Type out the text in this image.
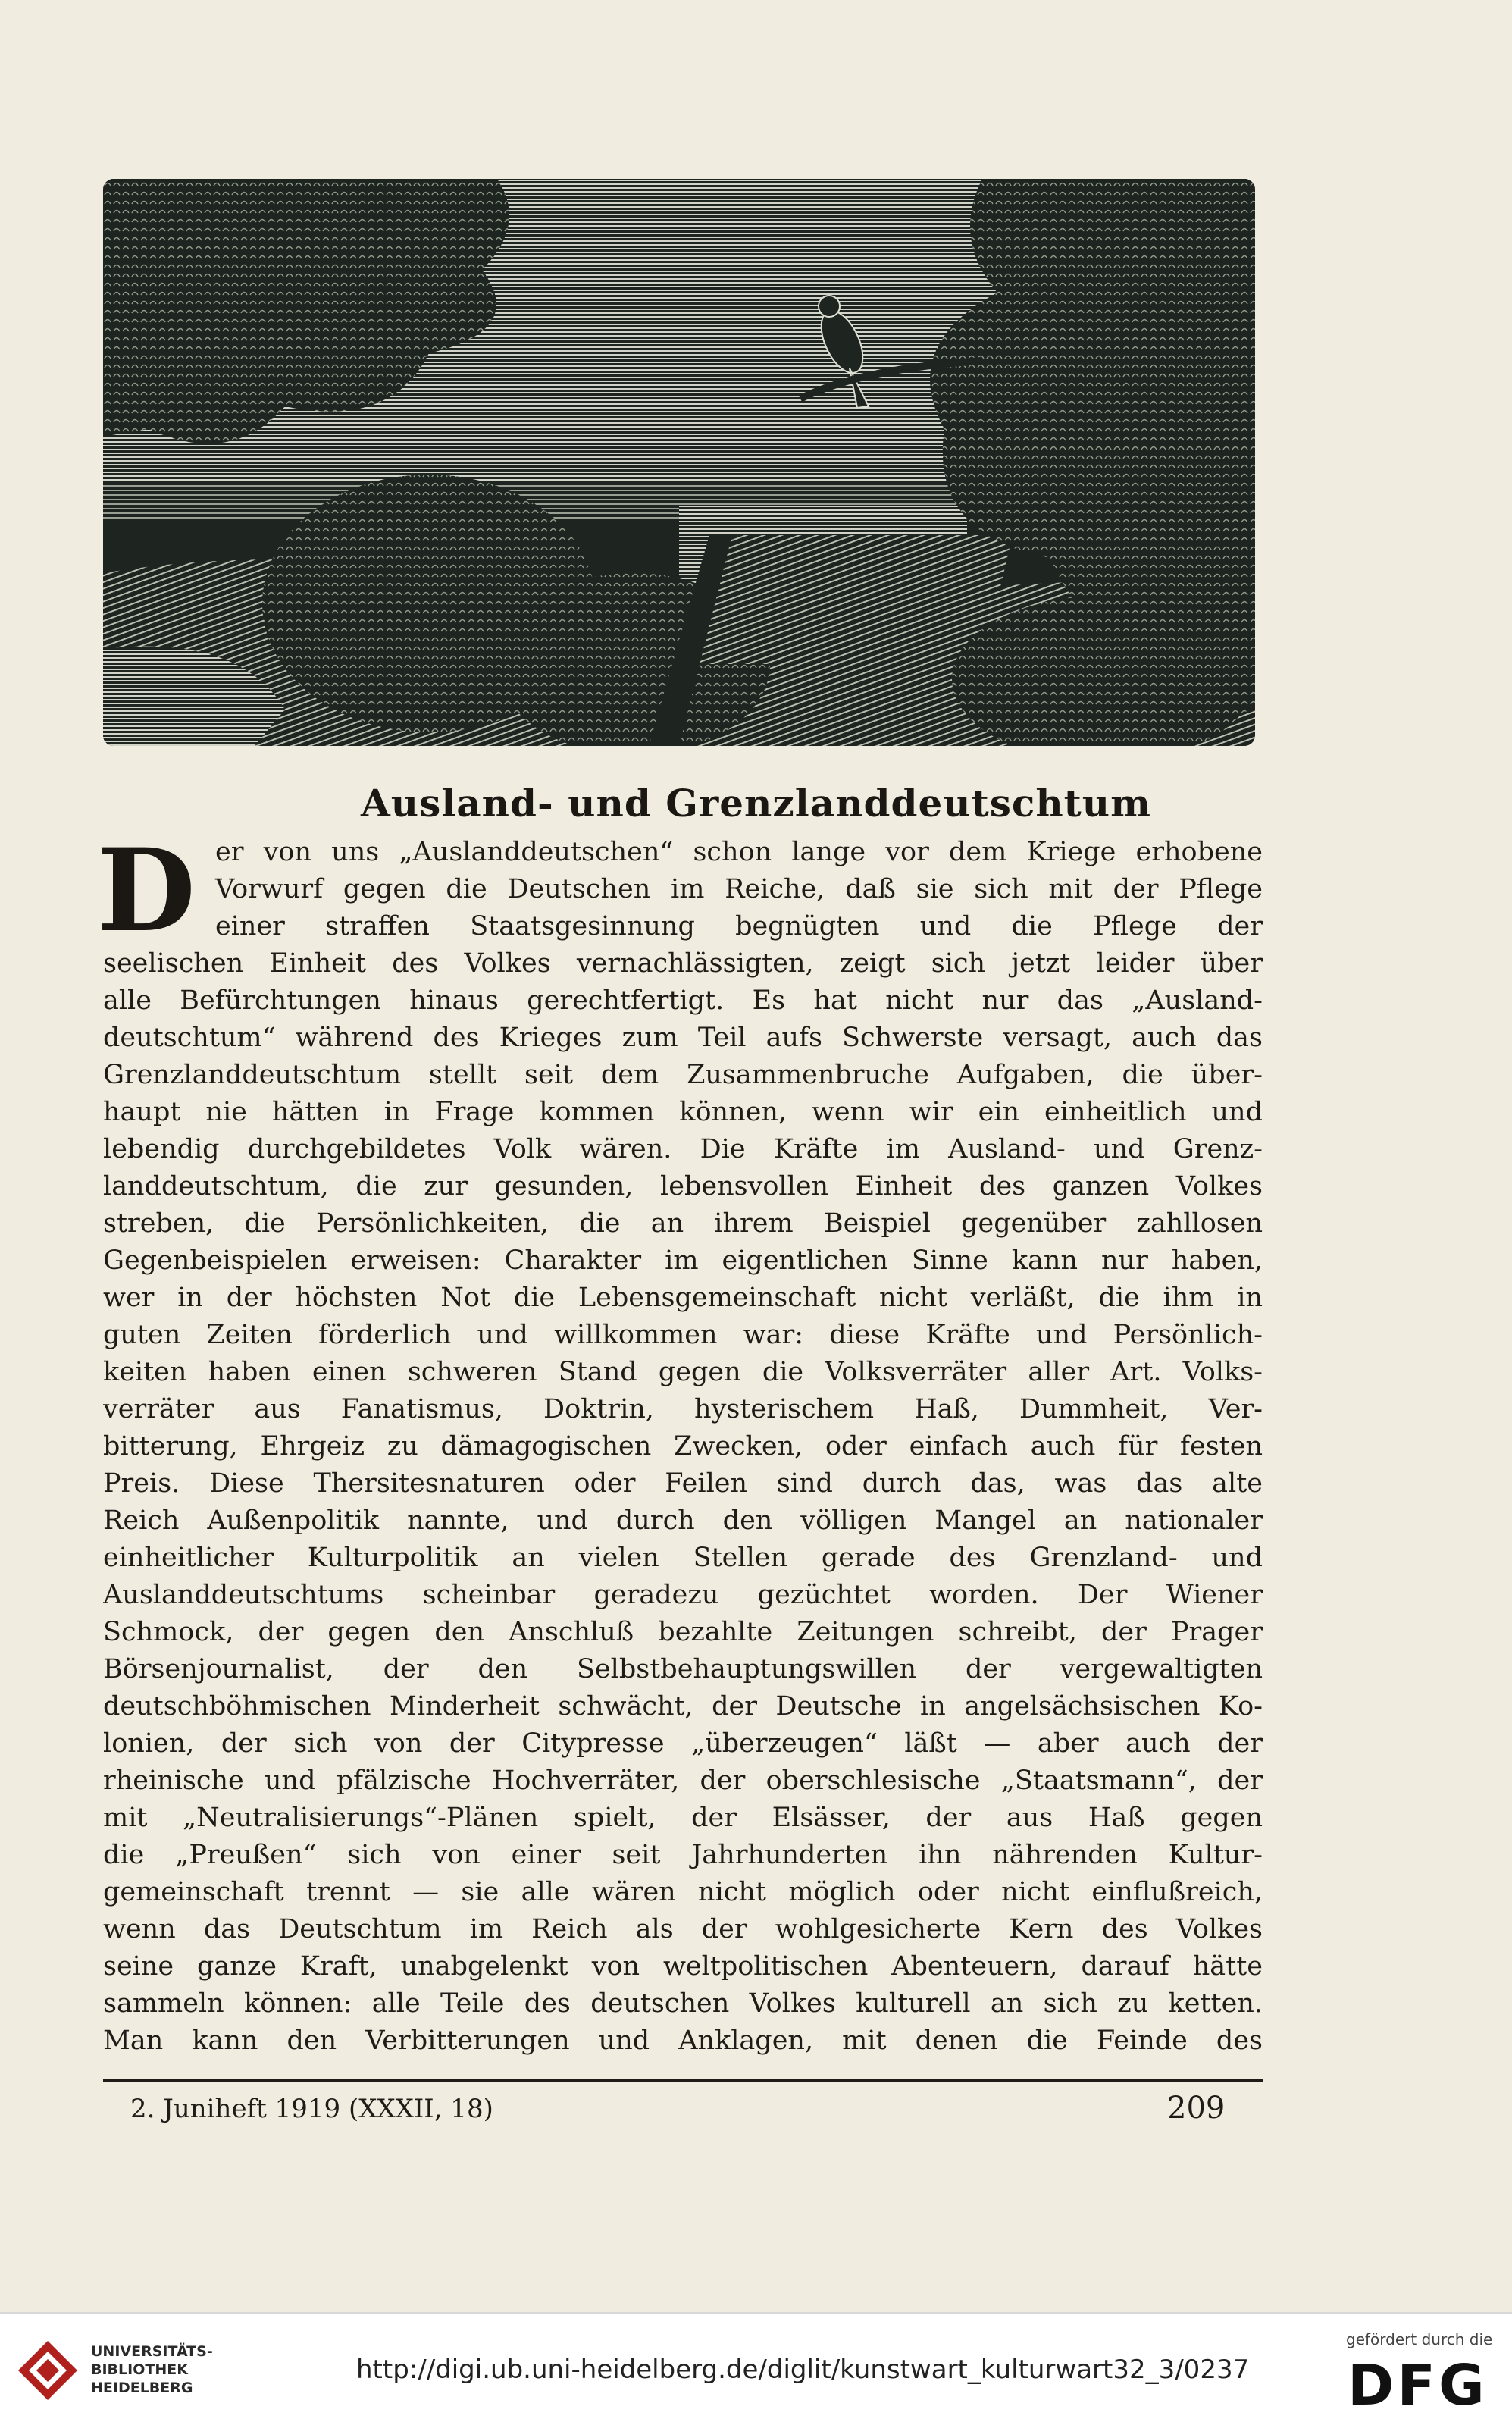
Ausland- und Grenzlanddeutschtum
D er von uns „Auslanddeutschen“ schon lange vor dem Kriege erhobene
Vorwurf gegen die Deutschen im Reiche, daß sie sich mit der Pflege
einer straffen Staatsgesinnung begnügten und die Pflege der
seelischen Einheit des Volkes vernachlässigten, zeigt sich jetzt leider über
alle Befürchtungen hinaus gerechtfertigt. Es hat nicht nur das „Ausland-
deutschtum“ während des Krieges zum Teil aufs Schwerste versagt, auch das
Grenzlanddeutschtum stellt seit dem Zusammenbruche Aufgaben, die über-
haupt nie hätten in Frage kommen können, wenn wir ein einheitlich und
lebendig durchgebildetes Volk wären. Die Kräfte im Ausland- und Grenz-
landdeutschtum, die zur gesunden, lebensvollen Einheit des ganzen Volkes
streben, die Persönlichkeiten, die an ihrem Beispiel gegenüber zahllosen
Gegenbeispielen erweisen: Charakter im eigentlichen Sinne kann nur haben,
wer in der höchsten Not die Lebensgemeinschaft nicht verläßt, die ihm in
guten Zeiten förderlich und willkommen war: diese Kräfte und Persönlich-
keiten haben einen schweren Stand gegen die Volksverräter aller Art. Volks-
verräter aus Fanatismus, Doktrin, hysterischem Haß, Dummheit, Ver-
bitterung, Ehrgeiz zu dämagogischen Zwecken, oder einfach auch für festen
Preis. Diese Thersitesnaturen oder Feilen sind durch das, was das alte
Reich Außenpolitik nannte, und durch den völligen Mangel an nationaler
einheitlicher Kulturpolitik an vielen Stellen gerade des Grenzland- und
Auslanddeutschtums scheinbar geradezu gezüchtet worden. Der Wiener
Schmock, der gegen den Anschluß bezahlte Zeitungen schreibt, der Prager
Börsenjournalist, der den Selbstbehauptungswillen der vergewaltigten
deutschböhmischen Minderheit schwächt, der Deutsche in angelsächsischen Ko-
lonien, der sich von der Citypresse „überzeugen“ läßt — aber auch der
rheinische und pfälzische Hochverräter, der oberschlesische „Staatsmann“, der
mit „Neutralisierungs“-Plänen spielt, der Elsässer, der aus Haß gegen
die „Preußen“ sich von einer seit Jahrhunderten ihn nährenden Kultur-
gemeinschaft trennt — sie alle wären nicht möglich oder nicht einflußreich,
wenn das Deutschtum im Reich als der wohlgesicherte Kern des Volkes
seine ganze Kraft, unabgelenkt von weltpolitischen Abenteuern, darauf hätte
sammeln können: alle Teile des deutschen Volkes kulturell an sich zu ketten.
Man kann den Verbitterungen und Anklagen, mit denen die Feinde des
2. Juniheft 1919 (XXXII, 18)	209
UNIVERSITÄTS-
BIBLIOTHEK
HEIDELBERG
http://digi.ub.uni-heidelberg.de/diglit/kunstwart_kulturwart32_3/0237
gefördert durch die
DFG
